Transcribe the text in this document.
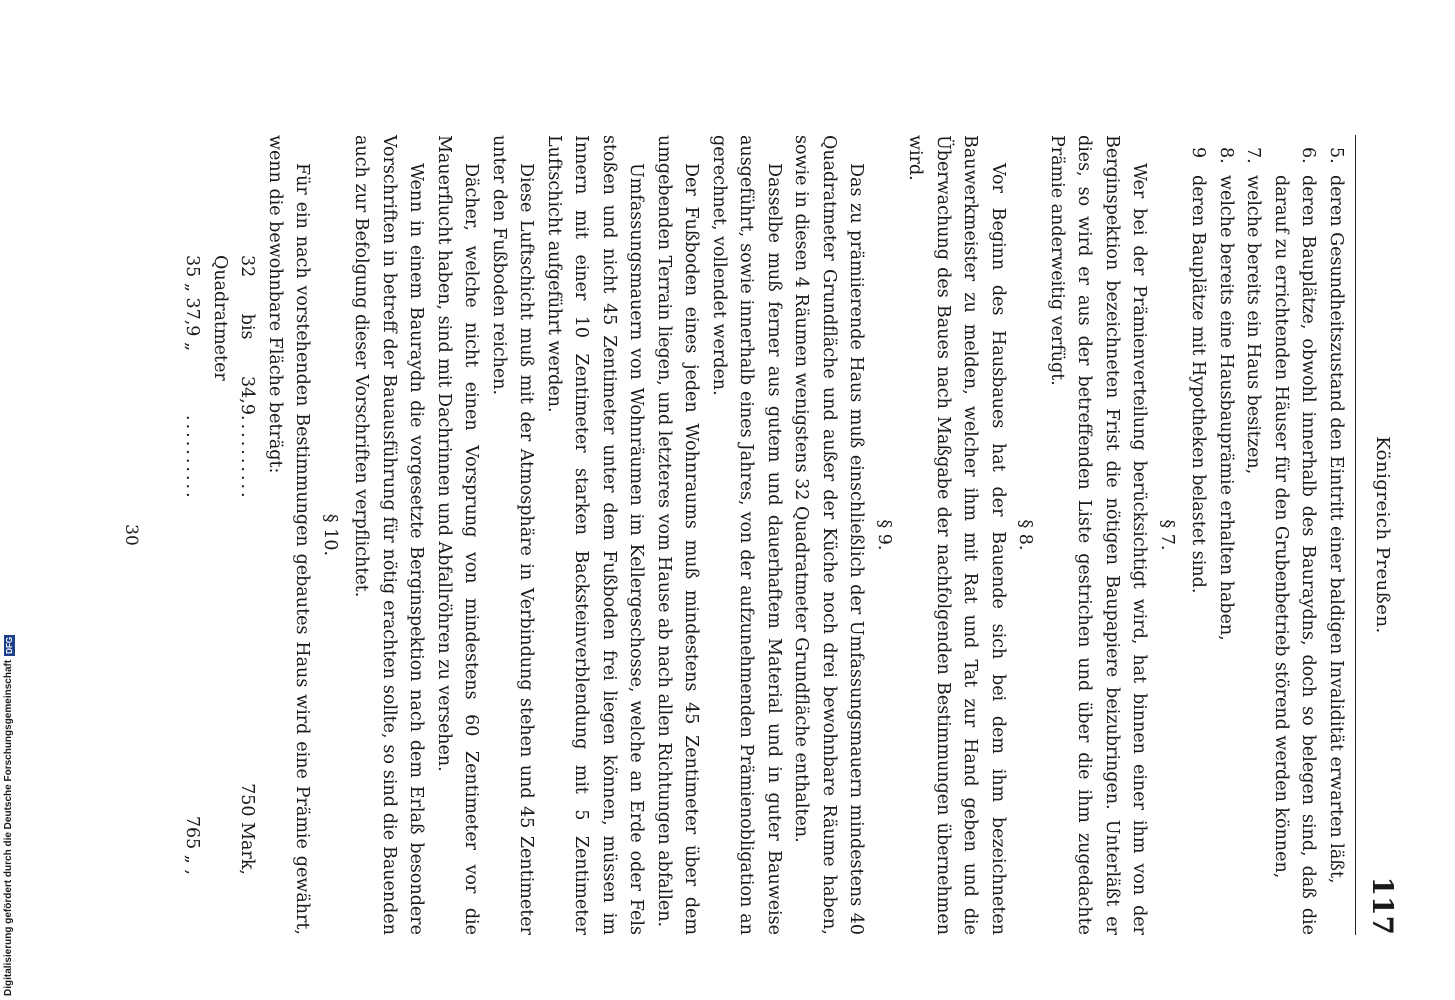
Königreich Preußen.
117
5.
deren Gesundheitszustand den Eintritt einer baldigen Invalidität erwarten läßt,
6.
deren Bauplätze, obwohl innerhalb des Bauraydns, doch so belegen sind, daß die darauf zu errichtenden Häuser für den Grubenbetrieb störend werden können,
7.
welche bereits ein Haus besitzen,
8.
welche bereits eine Hausbauprämie erhalten haben,
9
deren Bauplätze mit Hypotheken belastet sind.
§ 7.

Wer bei der Prämienverteilung berücksichtigt wird, hat binnen einer ihm von der Berginspektion bezeichneten Frist die nötigen Baupapiere beizubringen. Unterläßt er dies, so wird er aus der betreffenden Liste gestrichen und über die ihm zugedachte Prämie anderweitig verfügt.

§ 8.

Vor Beginn des Hausbaues hat der Bauende sich bei dem ihm bezeichneten Bauwerkmeister zu melden, welcher ihm mit Rat und Tat zur Hand geben und die Überwachung des Baues nach Maßgabe der nachfolgenden Bestimmungen übernehmen wird.

§ 9.

Das zu prämiierende Haus muß einschließlich der Umfassungsmauern mindestens 40 Quadratmeter Grundfläche und außer der Küche noch drei bewohnbare Räume haben, sowie in diesen 4 Räumen wenigstens 32 Quadratmeter Grundfläche enthalten.

Dasselbe muß ferner aus gutem und dauerhaftem Material und in guter Bauweise ausgeführt, sowie innerhalb eines Jahres, von der aufzunehmenden Prämienobligation an gerechnet, vollendet werden.

Der Fußboden eines jeden Wohnraums muß mindestens 45 Zentimeter über dem umgebenden Terrain liegen, und letzteres vom Hause ab nach allen Richtungen abfallen.

Umfassungsmauern von Wohnräumen im Kellergeschosse, welche an Erde oder Fels stoßen und nicht 45 Zentimeter unter dem Fußboden frei liegen können, müssen im Innern mit einer 10 Zentimeter starken Backsteinverblendung mit 5 Zentimeter Luftschicht aufgeführt werden.

Diese Luftschicht muß mit der Atmosphäre in Verbindung stehen und 45 Zentimeter unter den Fußboden reichen.

Dächer, welche nicht einen Vorsprung von mindestens 60 Zentimeter vor die Mauerflucht haben, sind mit Dachrinnen und Abfallröhren zu versehen.

Wenn in einem Bauraydn die vorgesetzte Berginspektion nach dem Erlaß besondere Vorschriften in betreff der Bauausführung für nötig erachten sollte, so sind die Bauenden auch zur Befolgung dieser Vorschriften verpflichtet.

§ 10.

Für ein nach vorstehenden Bestimmungen gebautes Haus wird eine Prämie gewährt, wenn die bewohnbare Fläche beträgt:

32 bis 34,9 Quadratmeter
..........
750 Mark,
35 „ 37,9 „
..........
765 „ ,
30
Digitalisierung gefördert durch die Deutsche Forschungsgemeinschaft
DFG
